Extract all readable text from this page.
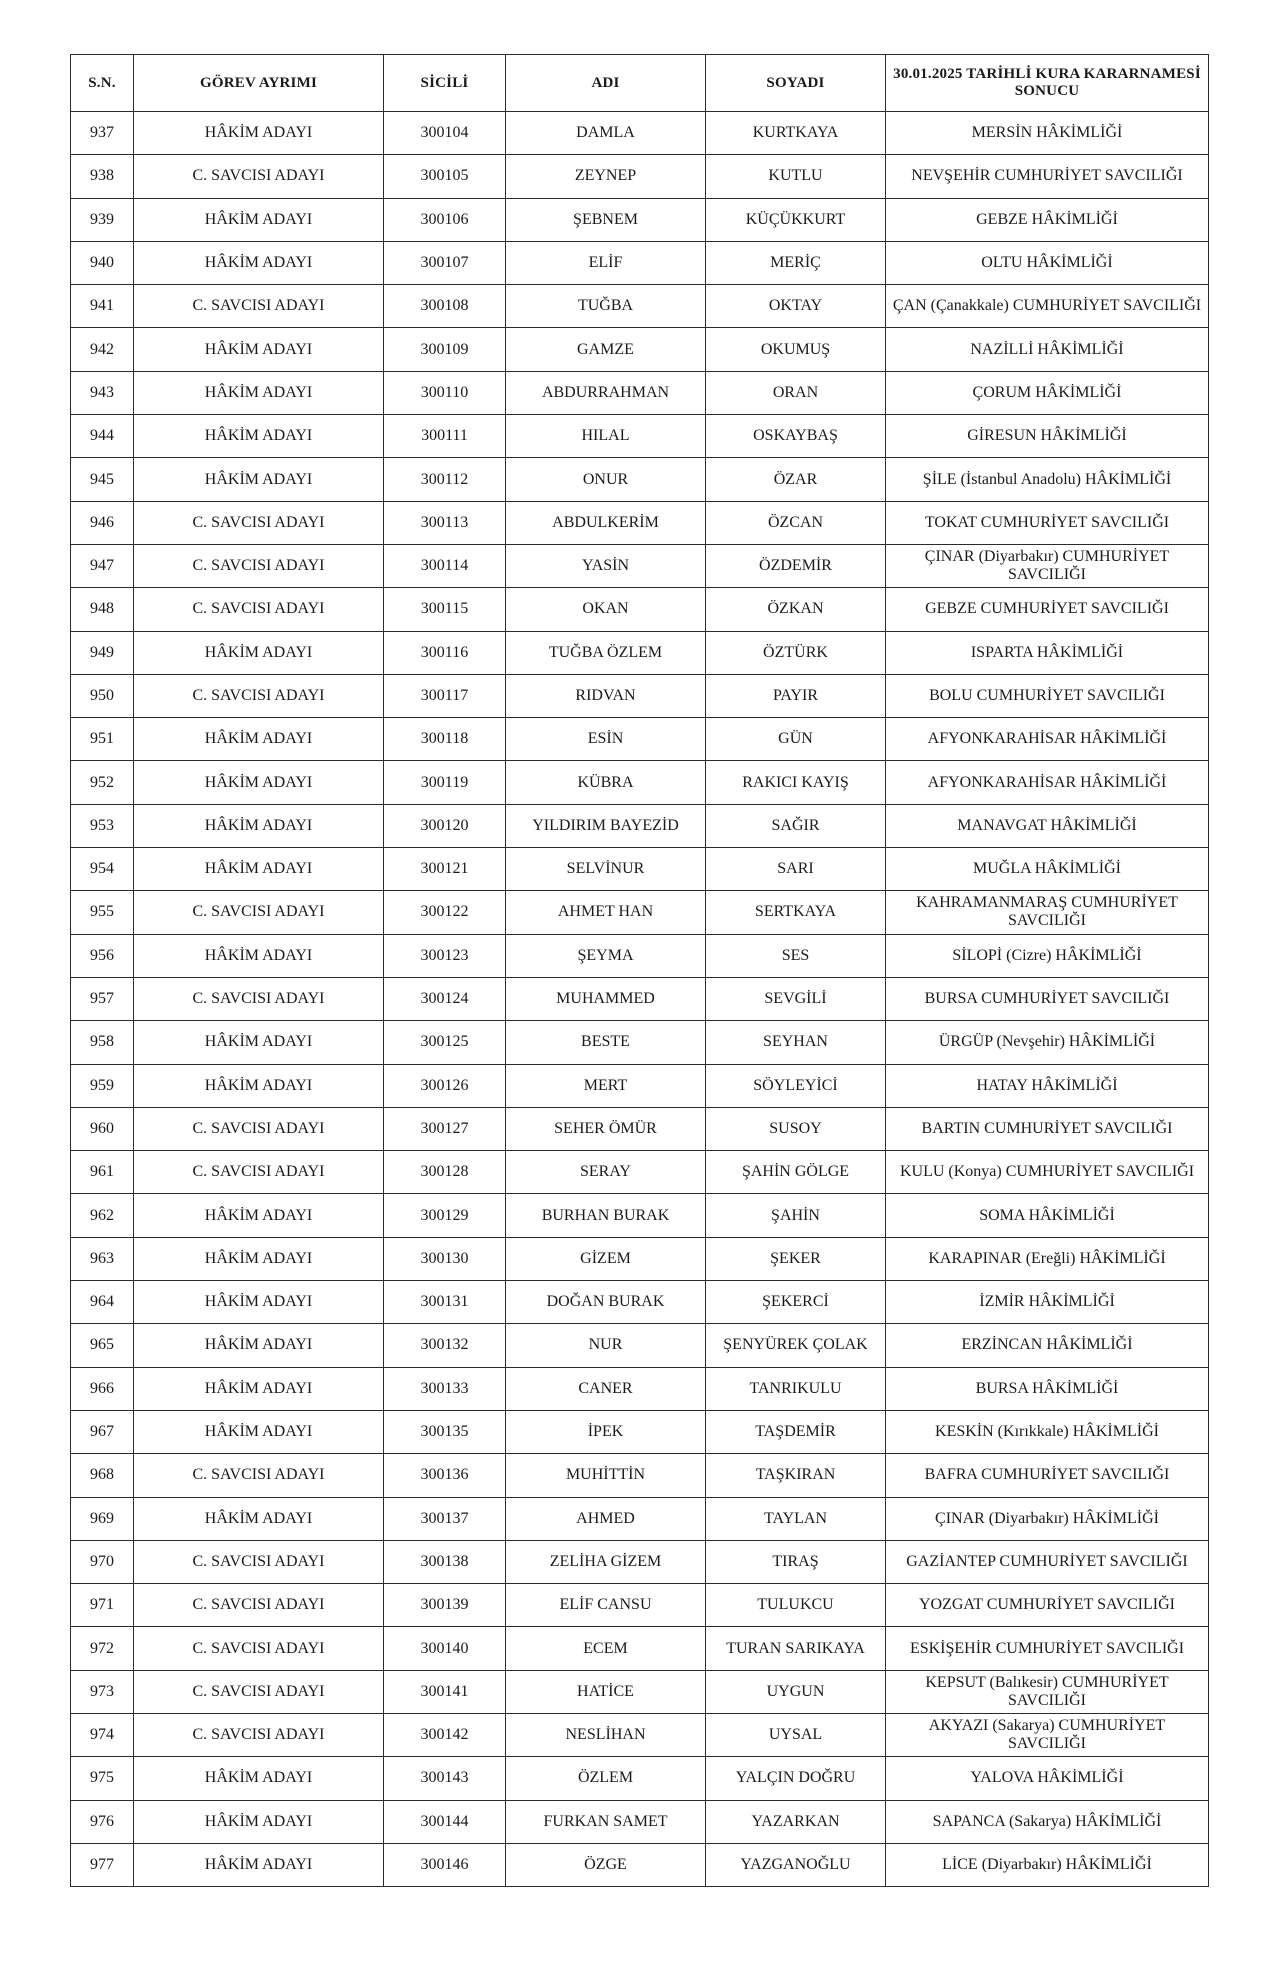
S.N.	GÖREV AYRIMI	SİCİLİ	ADI	SOYADI	30.01.2025 TARİHLİ KURA KARARNAMESİ SONUCU
937	HÂKİM ADAYI	300104	DAMLA	KURTKAYA	MERSİN HÂKİMLİĞİ
938	C. SAVCISI ADAYI	300105	ZEYNEP	KUTLU	NEVŞEHİR CUMHURİYET SAVCILIĞI
939	HÂKİM ADAYI	300106	ŞEBNEM	KÜÇÜKKURT	GEBZE HÂKİMLİĞİ
940	HÂKİM ADAYI	300107	ELİF	MERİÇ	OLTU HÂKİMLİĞİ
941	C. SAVCISI ADAYI	300108	TUĞBA	OKTAY	ÇAN (Çanakkale) CUMHURİYET SAVCILIĞI
942	HÂKİM ADAYI	300109	GAMZE	OKUMUŞ	NAZİLLİ HÂKİMLİĞİ
943	HÂKİM ADAYI	300110	ABDURRAHMAN	ORAN	ÇORUM HÂKİMLİĞİ
944	HÂKİM ADAYI	300111	HILAL	OSKAYBAŞ	GİRESUN HÂKİMLİĞİ
945	HÂKİM ADAYI	300112	ONUR	ÖZAR	ŞİLE (İstanbul Anadolu) HÂKİMLİĞİ
946	C. SAVCISI ADAYI	300113	ABDULKERİM	ÖZCAN	TOKAT CUMHURİYET SAVCILIĞI
947	C. SAVCISI ADAYI	300114	YASİN	ÖZDEMİR	ÇINAR (Diyarbakır) CUMHURİYET SAVCILIĞI
948	C. SAVCISI ADAYI	300115	OKAN	ÖZKAN	GEBZE CUMHURİYET SAVCILIĞI
949	HÂKİM ADAYI	300116	TUĞBA ÖZLEM	ÖZTÜRK	ISPARTA HÂKİMLİĞİ
950	C. SAVCISI ADAYI	300117	RIDVAN	PAYIR	BOLU CUMHURİYET SAVCILIĞI
951	HÂKİM ADAYI	300118	ESİN	GÜN	AFYONKARAHİSAR HÂKİMLİĞİ
952	HÂKİM ADAYI	300119	KÜBRA	RAKICI KAYIŞ	AFYONKARAHİSAR HÂKİMLİĞİ
953	HÂKİM ADAYI	300120	YILDIRIM BAYEZİD	SAĞIR	MANAVGAT HÂKİMLİĞİ
954	HÂKİM ADAYI	300121	SELVİNUR	SARI	MUĞLA HÂKİMLİĞİ
955	C. SAVCISI ADAYI	300122	AHMET HAN	SERTKAYA	KAHRAMANMARAŞ CUMHURİYET SAVCILIĞI
956	HÂKİM ADAYI	300123	ŞEYMA	SES	SİLOPİ (Cizre) HÂKİMLİĞİ
957	C. SAVCISI ADAYI	300124	MUHAMMED	SEVGİLİ	BURSA CUMHURİYET SAVCILIĞI
958	HÂKİM ADAYI	300125	BESTE	SEYHAN	ÜRGÜP (Nevşehir) HÂKİMLİĞİ
959	HÂKİM ADAYI	300126	MERT	SÖYLEYİCİ	HATAY HÂKİMLİĞİ
960	C. SAVCISI ADAYI	300127	SEHER ÖMÜR	SUSOY	BARTIN CUMHURİYET SAVCILIĞI
961	C. SAVCISI ADAYI	300128	SERAY	ŞAHİN GÖLGE	KULU (Konya) CUMHURİYET SAVCILIĞI
962	HÂKİM ADAYI	300129	BURHAN BURAK	ŞAHİN	SOMA HÂKİMLİĞİ
963	HÂKİM ADAYI	300130	GİZEM	ŞEKER	KARAPINAR (Ereğli) HÂKİMLİĞİ
964	HÂKİM ADAYI	300131	DOĞAN BURAK	ŞEKERCİ	İZMİR HÂKİMLİĞİ
965	HÂKİM ADAYI	300132	NUR	ŞENYÜREK ÇOLAK	ERZİNCAN HÂKİMLİĞİ
966	HÂKİM ADAYI	300133	CANER	TANRIKULU	BURSA HÂKİMLİĞİ
967	HÂKİM ADAYI	300135	İPEK	TAŞDEMİR	KESKİN (Kırıkkale) HÂKİMLİĞİ
968	C. SAVCISI ADAYI	300136	MUHİTTİN	TAŞKIRAN	BAFRA CUMHURİYET SAVCILIĞI
969	HÂKİM ADAYI	300137	AHMED	TAYLAN	ÇINAR (Diyarbakır) HÂKİMLİĞİ
970	C. SAVCISI ADAYI	300138	ZELİHA GİZEM	TIRAŞ	GAZİANTEP CUMHURİYET SAVCILIĞI
971	C. SAVCISI ADAYI	300139	ELİF CANSU	TULUKCU	YOZGAT CUMHURİYET SAVCILIĞI
972	C. SAVCISI ADAYI	300140	ECEM	TURAN SARIKAYA	ESKİŞEHİR CUMHURİYET SAVCILIĞI
973	C. SAVCISI ADAYI	300141	HATİCE	UYGUN	KEPSUT (Balıkesir) CUMHURİYET SAVCILIĞI
974	C. SAVCISI ADAYI	300142	NESLİHAN	UYSAL	AKYAZI (Sakarya) CUMHURİYET SAVCILIĞI
975	HÂKİM ADAYI	300143	ÖZLEM	YALÇIN DOĞRU	YALOVA HÂKİMLİĞİ
976	HÂKİM ADAYI	300144	FURKAN SAMET	YAZARKAN	SAPANCA (Sakarya) HÂKİMLİĞİ
977	HÂKİM ADAYI	300146	ÖZGE	YAZGANOĞLU	LİCE (Diyarbakır) HÂKİMLİĞİ
